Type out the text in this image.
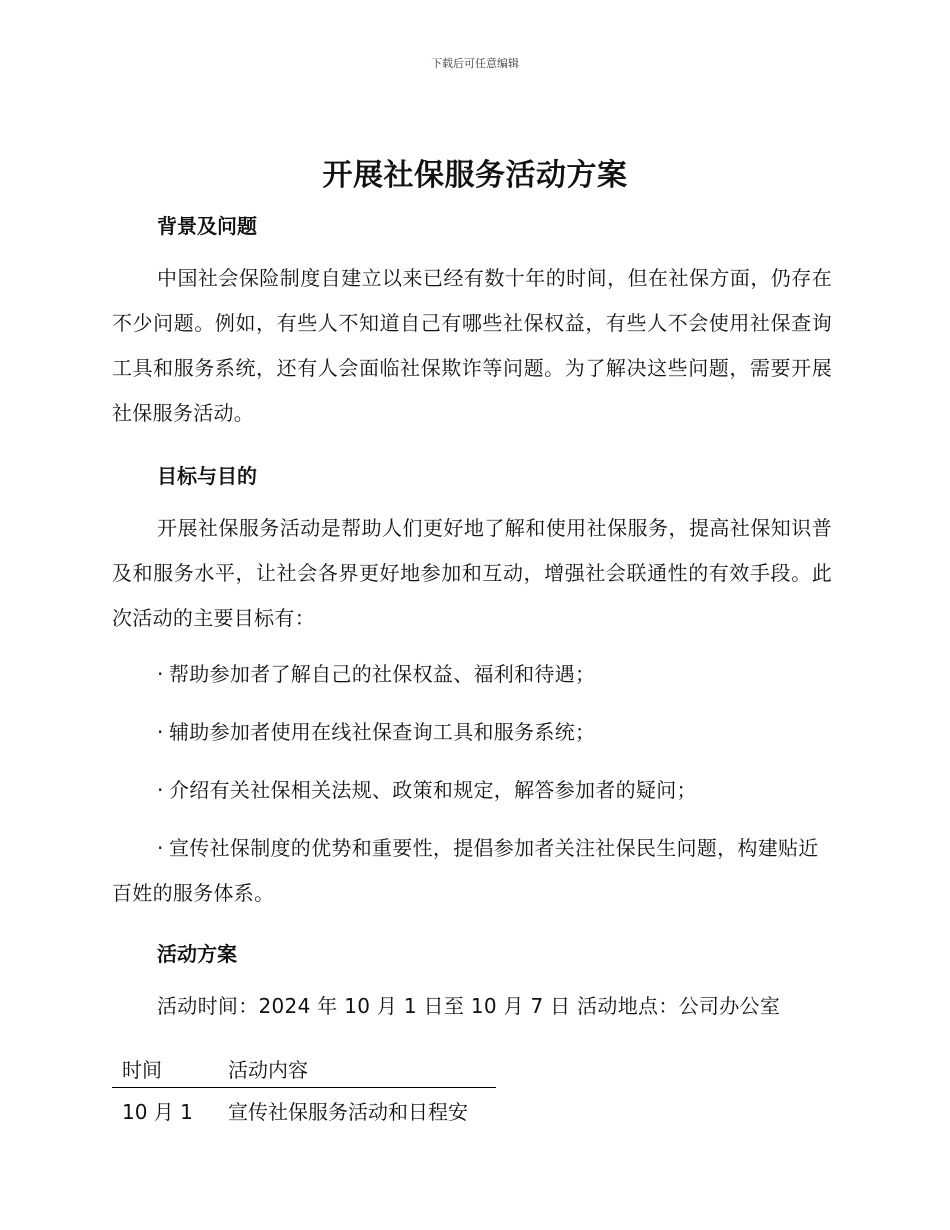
下载后可任意编辑
开展社保服务活动方案
背景及问题

中国社会保险制度自建立以来已经有数十年的时间，但在社保方面，仍存在不少问题。例如，有些人不知道自己有哪些社保权益，有些人不会使用社保查询工具和服务系统，还有人会面临社保欺诈等问题。为了解决这些问题，需要开展社保服务活动。

目标与目的

开展社保服务活动是帮助人们更好地了解和使用社保服务，提高社保知识普及和服务水平，让社会各界更好地参加和互动，增强社会联通性的有效手段。此次活动的主要目标有：

· 帮助参加者了解自己的社保权益、福利和待遇；

· 辅助参加者使用在线社保查询工具和服务系统；

· 介绍有关社保相关法规、政策和规定，解答参加者的疑问；

· 宣传社保制度的优势和重要性，提倡参加者关注社保民生问题，构建贴近百姓的服务体系。

活动方案

活动时间：2024 年 10 月 1 日至 10 月 7 日 活动地点：公司办公室

时间	活动内容
10 月 1	宣传社保服务活动和日程安
